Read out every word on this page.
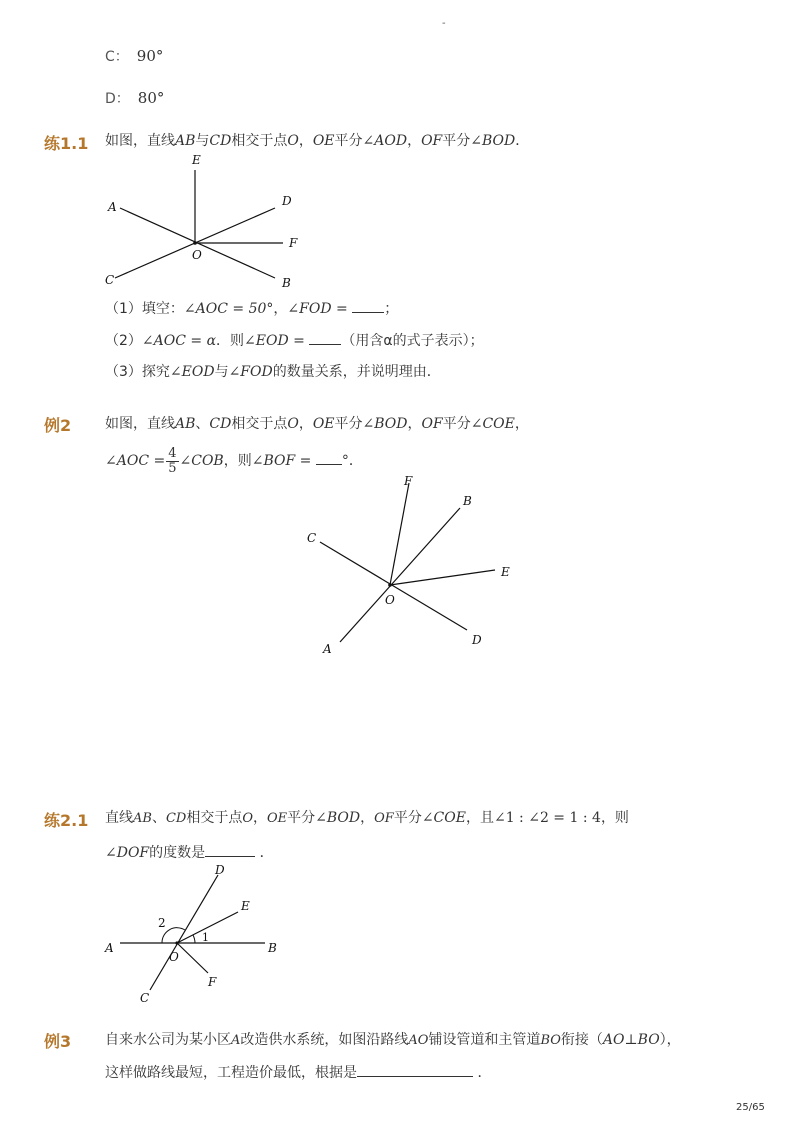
-
C： 90°
D： 80°
练1.1 如图，直线AB与CD相交于点O，OE平分∠AOD，OF平分∠BOD．
E
D
A
F
O
C	B
（1）填空：∠AOC = 50°，∠FOD =	；
（2）∠AOC = α．则∠EOD =	（用含α的式子表示）；
（3）探究∠EOD与∠FOD的数量关系，并说明理由．
例2 如图，直线AB、CD相交于点O，OE平分∠BOD，OF平分∠COE，
∠AOC = $\frac{4}{5}$ ∠COB，则∠BOF = °．
F
B
C
E
O
A
D
练2.1 直线AB、CD相交于点O，OE平分∠BOD，OF平分∠COE，且∠1 : ∠2 = 1 : 4，则
∠DOF的度数是	．
D
E
2
1
A
O
B
F
C
例3 自来水公司为某小区A改造供水系统，如图沿路线AO铺设管道和主管道BO衔接（AO⊥BO），
这样做路线最短，工程造价最低，根据是	．
25/65
